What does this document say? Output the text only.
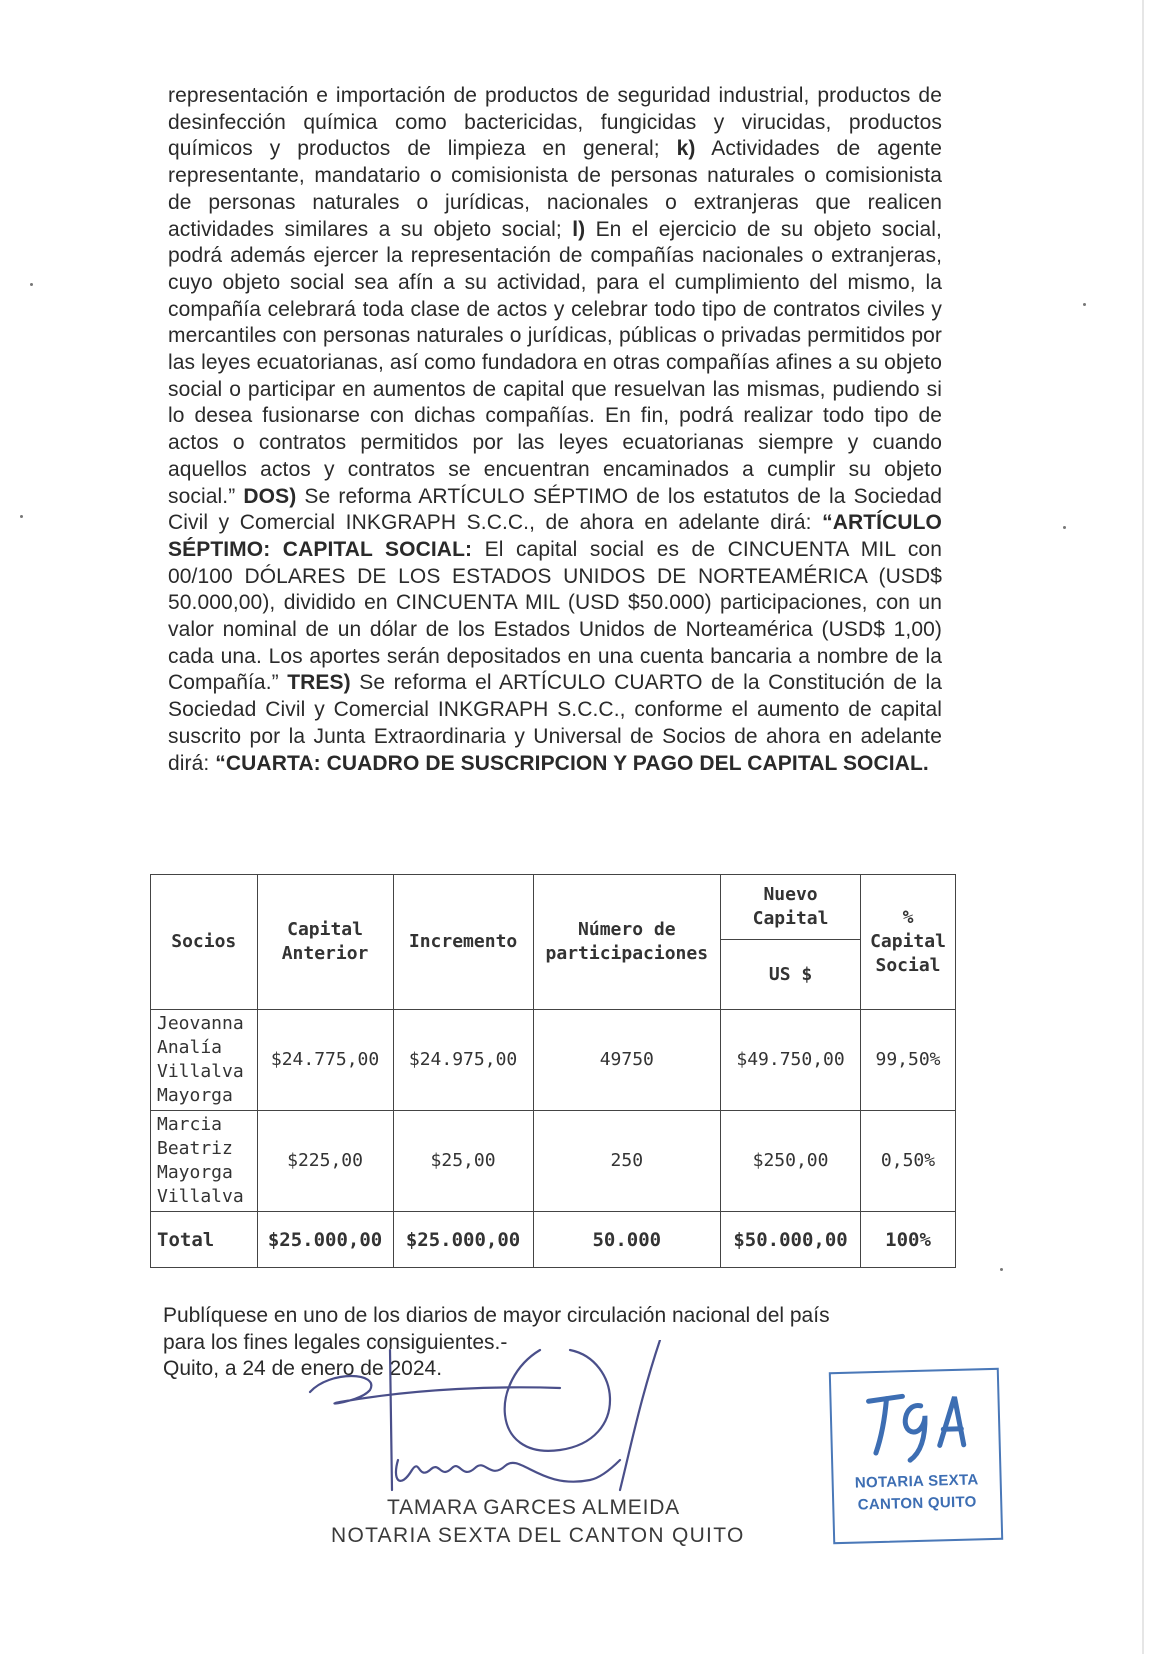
representación e importación de productos de seguridad industrial, productos de desinfección química como bactericidas, fungicidas y virucidas, productos químicos y productos de limpieza en general; k) Actividades de agente representante, mandatario o comisionista de personas naturales o comisionista de personas naturales o jurídicas, nacionales o extranjeras que realicen actividades similares a su objeto social; l) En el ejercicio de su objeto social, podrá además ejercer la representación de compañías nacionales o extranjeras, cuyo objeto social sea afín a su actividad, para el cumplimiento del mismo, la compañía celebrará toda clase de actos y celebrar todo tipo de contratos civiles y mercantiles con personas naturales o jurídicas, públicas o privadas permitidos por las leyes ecuatorianas, así como fundadora en otras compañías afines a su objeto social o participar en aumentos de capital que resuelvan las mismas, pudiendo si lo desea fusionarse con dichas compañías. En fin, podrá realizar todo tipo de actos o contratos permitidos por las leyes ecuatorianas siempre y cuando aquellos actos y contratos se encuentran encaminados a cumplir su objeto social.” DOS) Se reforma ARTÍCULO SÉPTIMO de los estatutos de la Sociedad Civil y Comercial INKGRAPH S.C.C., de ahora en adelante dirá: “ARTÍCULO SÉPTIMO: CAPITAL SOCIAL: El capital social es de CINCUENTA MIL con 00/100 DÓLARES DE LOS ESTADOS UNIDOS DE NORTEAMÉRICA (USD$ 50.000,00), dividido en CINCUENTA MIL (USD $50.000) participaciones, con un valor nominal de un dólar de los Estados Unidos de Norteamérica (USD$ 1,00) cada una. Los aportes serán depositados en una cuenta bancaria a nombre de la Compañía.” TRES) Se reforma el ARTÍCULO CUARTO de la Constitución de la Sociedad Civil y Comercial INKGRAPH S.C.C., conforme el aumento de capital suscrito por la Junta Extraordinaria y Universal de Socios de ahora en adelante dirá: “CUARTA: CUADRO DE SUSCRIPCION Y PAGO DEL CAPITAL SOCIAL.
Socios	Capital Anterior	Incremento	Número de participaciones	Nuevo Capital	% Capital Social
				US $	
Jeovanna Analía Villalva Mayorga	$24.775,00	$24.975,00	49750	$49.750,00	99,50%
Marcia Beatriz Mayorga Villalva	$225,00	$25,00	250	$250,00	0,50%
Total	$25.000,00	$25.000,00	50.000	$50.000,00	100%
Publíquese en uno de los diarios de mayor circulación nacional del país
para los fines legales consiguientes.-
Quito, a 24 de enero de 2024.
TAMARA GARCES ALMEIDA
NOTARIA SEXTA DEL CANTON QUITO
NOTARIA SEXTA
CANTON QUITO
